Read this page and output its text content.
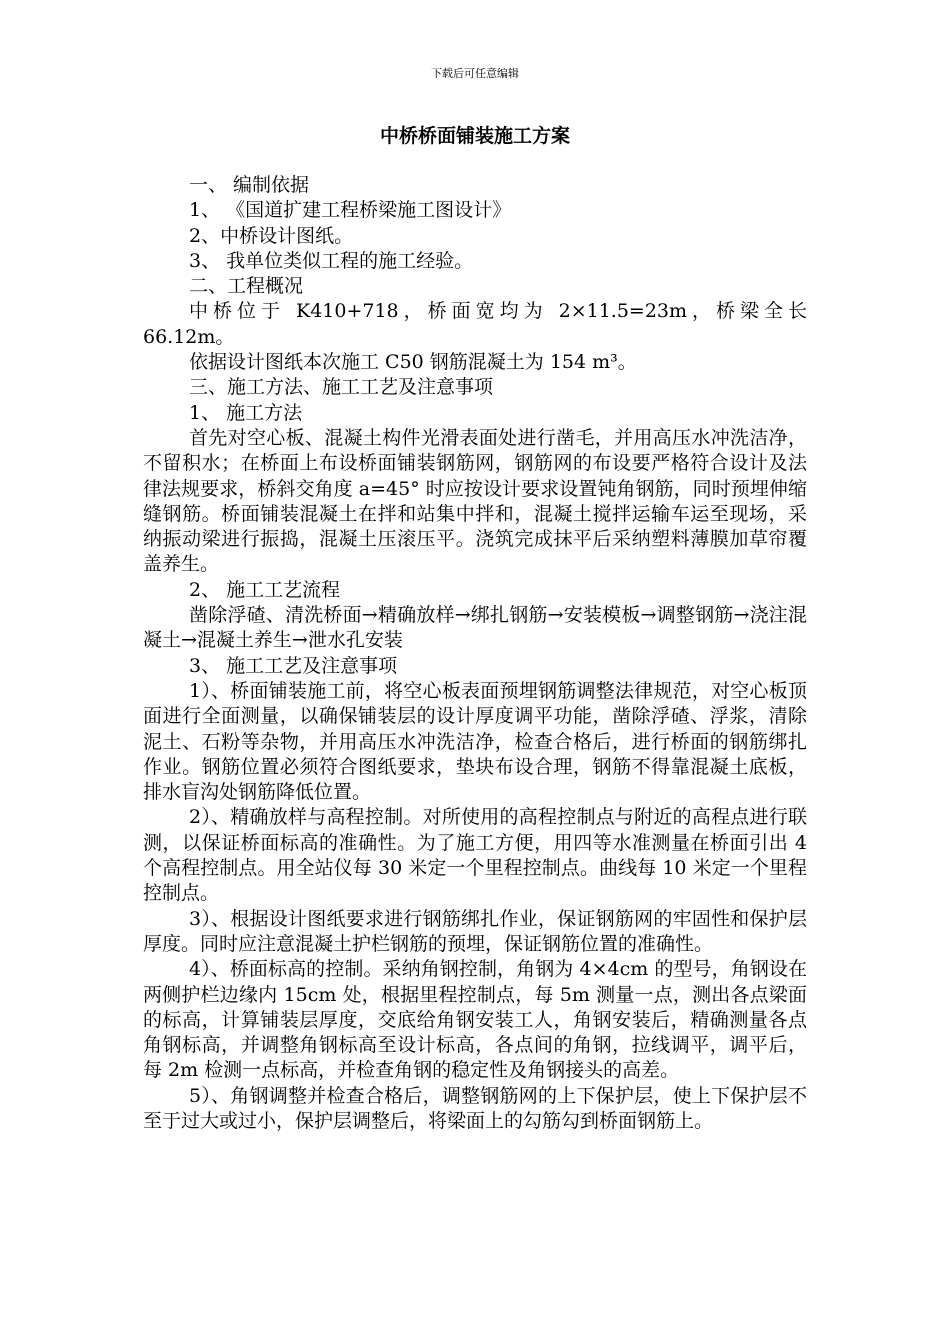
下载后可任意编辑
中桥桥面铺装施工方案

一、 编制依据

1、 《国道扩建工程桥梁施工图设计》

2、中桥设计图纸。

3、 我单位类似工程的施工经验。

二、工程概况

中桥位于 K410+718，桥面宽均为 2×11.5=23m，桥梁全长 66.12m。

依据设计图纸本次施工 C50 钢筋混凝土为 154 m³。

三、施工方法、施工工艺及注意事项

1、 施工方法

首先对空心板、混凝土构件光滑表面处进行凿毛，并用高压水冲洗洁净，不留积水；在桥面上布设桥面铺装钢筋网，钢筋网的布设要严格符合设计及法律法规要求，桥斜交角度 a=45° 时应按设计要求设置钝角钢筋，同时预埋伸缩缝钢筋。桥面铺装混凝土在拌和站集中拌和，混凝土搅拌运输车运至现场，采纳振动梁进行振捣，混凝土压滚压平。浇筑完成抹平后采纳塑料薄膜加草帘覆盖养生。

2、 施工工艺流程

凿除浮碴、清洗桥面→精确放样→绑扎钢筋→安装模板→调整钢筋→浇注混凝土→混凝土养生→泄水孔安装

3、 施工工艺及注意事项

1）、桥面铺装施工前，将空心板表面预埋钢筋调整法律规范，对空心板顶面进行全面测量，以确保铺装层的设计厚度调平功能，凿除浮碴、浮浆，清除泥土、石粉等杂物，并用高压水冲洗洁净，检查合格后，进行桥面的钢筋绑扎作业。钢筋位置必须符合图纸要求，垫块布设合理，钢筋不得靠混凝土底板，排水盲沟处钢筋降低位置。

2）、精确放样与高程控制。对所使用的高程控制点与附近的高程点进行联测，以保证桥面标高的准确性。为了施工方便，用四等水准测量在桥面引出 4 个高程控制点。用全站仪每 30 米定一个里程控制点。曲线每 10 米定一个里程控制点。

3）、根据设计图纸要求进行钢筋绑扎作业，保证钢筋网的牢固性和保护层厚度。同时应注意混凝土护栏钢筋的预埋，保证钢筋位置的准确性。

4）、桥面标高的控制。采纳角钢控制，角钢为 4×4cm 的型号，角钢设在两侧护栏边缘内 15cm 处，根据里程控制点，每 5m 测量一点，测出各点梁面的标高，计算铺装层厚度，交底给角钢安装工人，角钢安装后，精确测量各点角钢标高，并调整角钢标高至设计标高，各点间的角钢，拉线调平，调平后，每 2m 检测一点标高，并检查角钢的稳定性及角钢接头的高差。

5）、角钢调整并检查合格后，调整钢筋网的上下保护层，使上下保护层不至于过大或过小，保护层调整后，将梁面上的勾筋勾到桥面钢筋上。
